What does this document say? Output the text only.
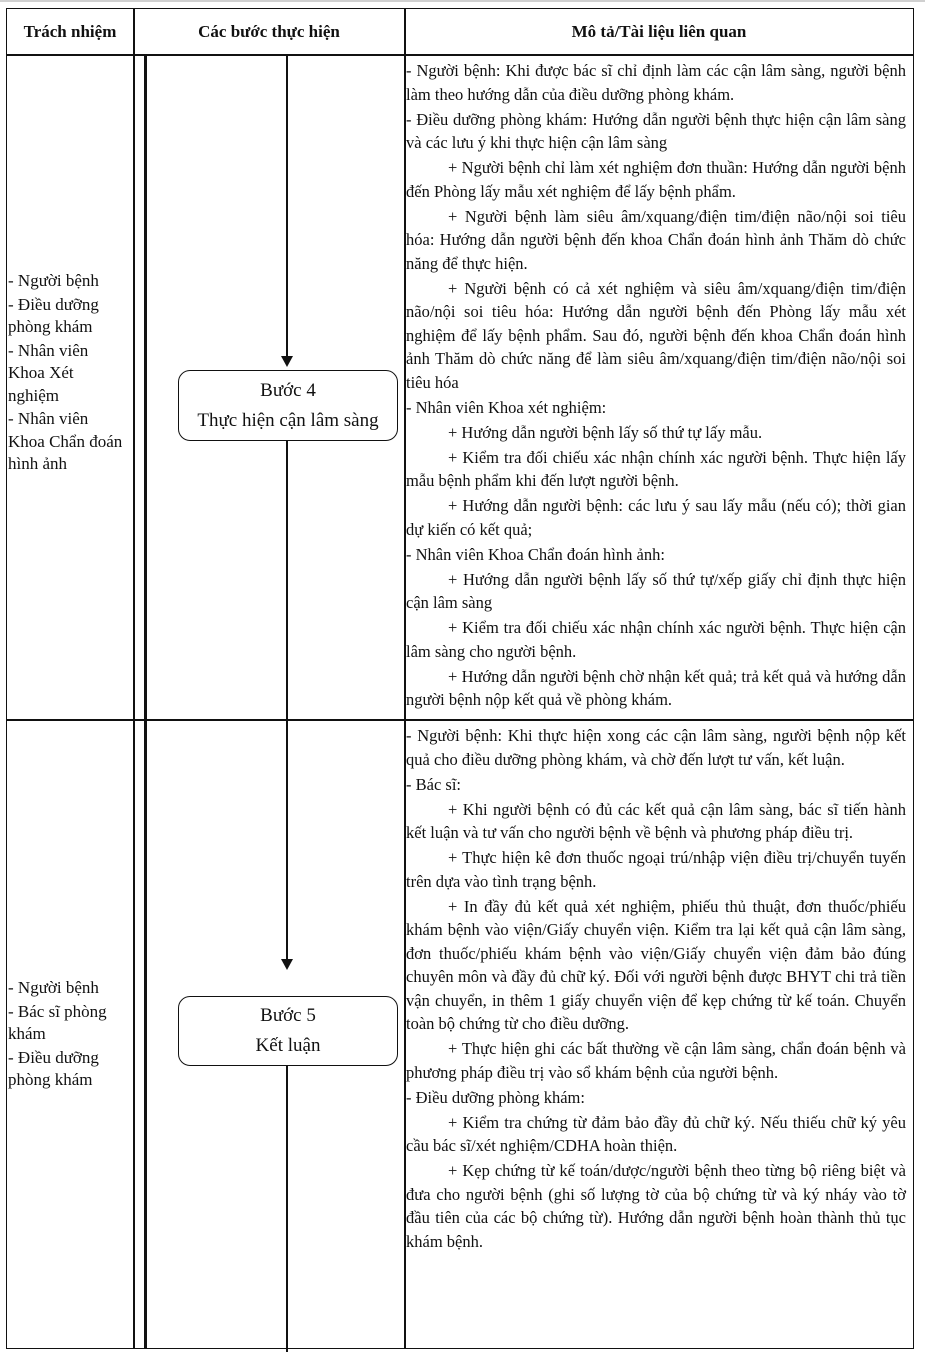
Trách nhiệm	Các bước thực hiện	Mô tả/Tài liệu liên quan
- Người bệnh
- Điều dưỡng phòng khám
- Nhân viên Khoa Xét nghiệm
- Nhân viên Khoa Chẩn đoán hình ảnh
- Người bệnh
- Bác sĩ phòng khám
- Điều dưỡng phòng khám
Bước 4
Thực hiện cận lâm sàng
Bước 5
Kết luận

- Người bệnh: Khi được bác sĩ chỉ định làm các cận lâm sàng, người bệnh làm theo hướng dẫn của điều dưỡng phòng khám.

- Điều dưỡng phòng khám: Hướng dẫn người bệnh thực hiện cận lâm sàng và các lưu ý khi thực hiện cận lâm sàng

+ Người bệnh chỉ làm xét nghiệm đơn thuần: Hướng dẫn người bệnh đến Phòng lấy mẫu xét nghiệm để lấy bệnh phẩm.

+ Người bệnh làm siêu âm/xquang/điện tim/điện não/nội soi tiêu hóa: Hướng dẫn người bệnh đến khoa Chẩn đoán hình ảnh Thăm dò chức năng để thực hiện.

+ Người bệnh có cả xét nghiệm và siêu âm/xquang/điện tim/điện não/nội soi tiêu hóa: Hướng dẫn người bệnh đến Phòng lấy mẫu xét nghiệm để lấy bệnh phẩm. Sau đó, người bệnh đến khoa Chẩn đoán hình ảnh Thăm dò chức năng để làm siêu âm/xquang/điện tim/điện não/nội soi tiêu hóa

- Nhân viên Khoa xét nghiệm:

+ Hướng dẫn người bệnh lấy số thứ tự lấy mẫu.

+ Kiểm tra đối chiếu xác nhận chính xác người bệnh. Thực hiện lấy mẫu bệnh phẩm khi đến lượt người bệnh.

+ Hướng dẫn người bệnh: các lưu ý sau lấy mẫu (nếu có); thời gian dự kiến có kết quả;

- Nhân viên Khoa Chẩn đoán hình ảnh:

+ Hướng dẫn người bệnh lấy số thứ tự/xếp giấy chỉ định thực hiện cận lâm sàng

+ Kiểm tra đối chiếu xác nhận chính xác người bệnh. Thực hiện cận lâm sàng cho người bệnh.

+ Hướng dẫn người bệnh chờ nhận kết quả; trả kết quả và hướng dẫn người bệnh nộp kết quả về phòng khám.

- Người bệnh: Khi thực hiện xong các cận lâm sàng, người bệnh nộp kết quả cho điều dưỡng phòng khám, và chờ đến lượt tư vấn, kết luận.

- Bác sĩ:

+ Khi người bệnh có đủ các kết quả cận lâm sàng, bác sĩ tiến hành kết luận và tư vấn cho người bệnh về bệnh và phương pháp điều trị.

+ Thực hiện kê đơn thuốc ngoại trú/nhập viện điều trị/chuyển tuyến trên dựa vào tình trạng bệnh.

+ In đầy đủ kết quả xét nghiệm, phiếu thủ thuật, đơn thuốc/phiếu khám bệnh vào viện/Giấy chuyển viện. Kiểm tra lại kết quả cận lâm sàng, đơn thuốc/phiếu khám bệnh vào viện/Giấy chuyển viện đảm bảo đúng chuyên môn và đầy đủ chữ ký. Đối với người bệnh được BHYT chi trả tiền vận chuyển, in thêm 1 giấy chuyển viện để kẹp chứng từ kế toán. Chuyển toàn bộ chứng từ cho điều dưỡng.

+ Thực hiện ghi các bất thường về cận lâm sàng, chẩn đoán bệnh và phương pháp điều trị vào sổ khám bệnh của người bệnh.

- Điều dưỡng phòng khám:

+ Kiểm tra chứng từ đảm bảo đầy đủ chữ ký. Nếu thiếu chữ ký yêu cầu bác sĩ/xét nghiệm/CDHA hoàn thiện.

+ Kẹp chứng từ kế toán/dược/người bệnh theo từng bộ riêng biệt và đưa cho người bệnh (ghi số lượng tờ của bộ chứng từ và ký nháy vào tờ đầu tiên của các bộ chứng từ). Hướng dẫn người bệnh hoàn thành thủ tục khám bệnh.
